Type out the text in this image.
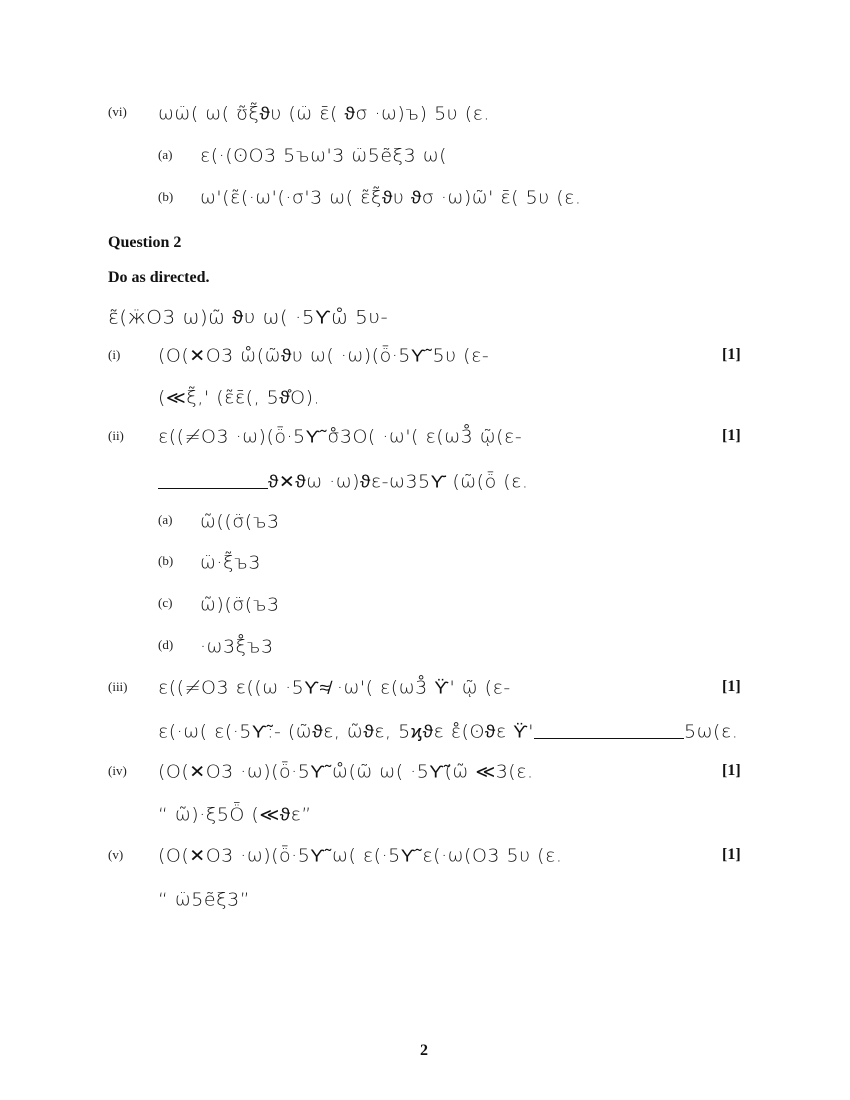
(vi) ωω̈( ω( ʊ̃ξ̃ϑυ (ω̈ ε̄( ϑσ ·ω)ъ) 5υ (ɛ.
(a) ɛ(·(ʘO3 5ъω'3 ω̈5ẽξ3 ω(
(b) ω'(ε̃(·ω'(·σ'3 ω( ε̃ξ̃ϑυ ϑσ ·ω)ῶ' ε̄( 5υ (ɛ.
Question 2
Do as directed.
ε̃(ӝO3 ω)ῶ ϑυ ω( ·5ϒω̊ 5υ-
(i) (O(✕O3 ω̊(ῶϑυ ω( ·ω)(ȫ·5ϒ̃ 5υ (ɛ-	[1]
(≪ξ̃,' (ε̃ε̄(, 5ϑ̊O).
(ii) ɛ((≠O3 ·ω)(ȫ·5ϒ̃ σ̊3O( ·ω'( ɛ(ω3̊ ῷ(ɛ-	[1]
ϑ✕ϑω ·ω)ϑε-ω35ϒ̇ (ῶ(ȫ (ε.
(a) ω̃((σ̈(ъ3
(b) ω̈·ξ̃ъ3
(c) ω̃)(σ̈(ъ3
(d) ·ω3ξ̊ъ3
(iii) ɛ((≠O3 ε((ω ·5ϒ≉ ·ω'( ɛ(ω3̊ ϔ' ῷ (ɛ-	[1]
ɛ(·ω( ɛ(·5ϒ̃:- (ῶϑε, ω̃ϑε, 5ϗϑε ɛ̊(ʘϑε ϔ'	5ω(ε.
(iv) (O(✕O3 ·ω)(ȫ·5ϒ̃ ω̊(ῶ ω( ·5ϒ̃(ω̃ ≪3(ɛ.	[1]
“ ω̃)·ξ5Ȫ (≪ϑε”
(v) (O(✕O3 ·ω)(ȫ·5ϒ̃ ω( ɛ(·5ϒ̃ ɛ(·ω(O3 5υ (ɛ.	[1]
“ ω̈5ẽξ3”
2
